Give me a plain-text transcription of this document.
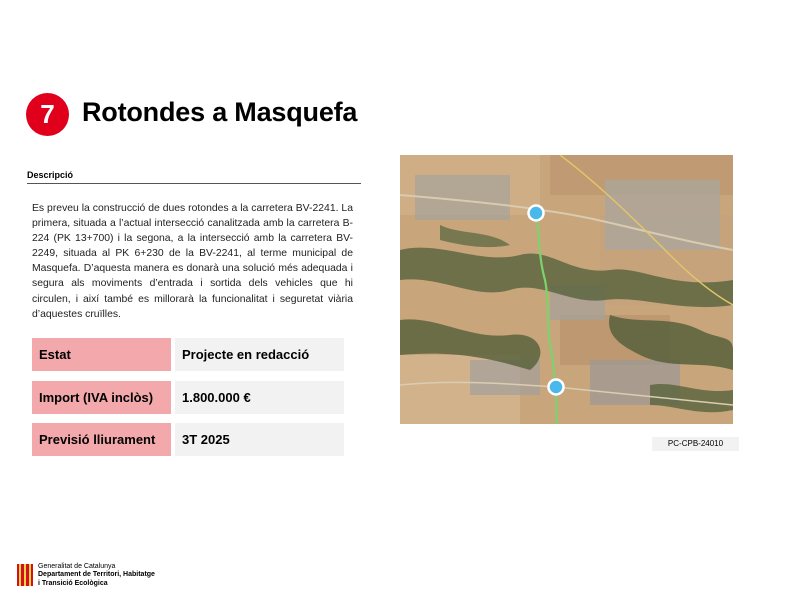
7	Rotondes a Masquefa
Descripció

Es preveu la construcció de dues rotondes a la carretera BV-2241. La primera, situada a l’actual intersecció canalitzada amb la carretera B-224 (PK 13+700) i la segona, a la intersecció amb la carretera BV-2249, situada al PK 6+230 de la BV-2241, al terme municipal de Masquefa. D’aquesta manera es donarà una solució més adequada i segura als moviments d’entrada i sortida dels vehicles que hi circulen, i així també es millorarà la funcionalitat i seguretat viària d’aquestes cruïlles.

Estat	Projecte en redacció
Import (IVA inclòs)	1.800.000 €
Previsió lliurament	3T 2025	PC-CPB-24010
Generalitat de Catalunya
Departament de Territori, Habitatge
i Transició Ecològica
